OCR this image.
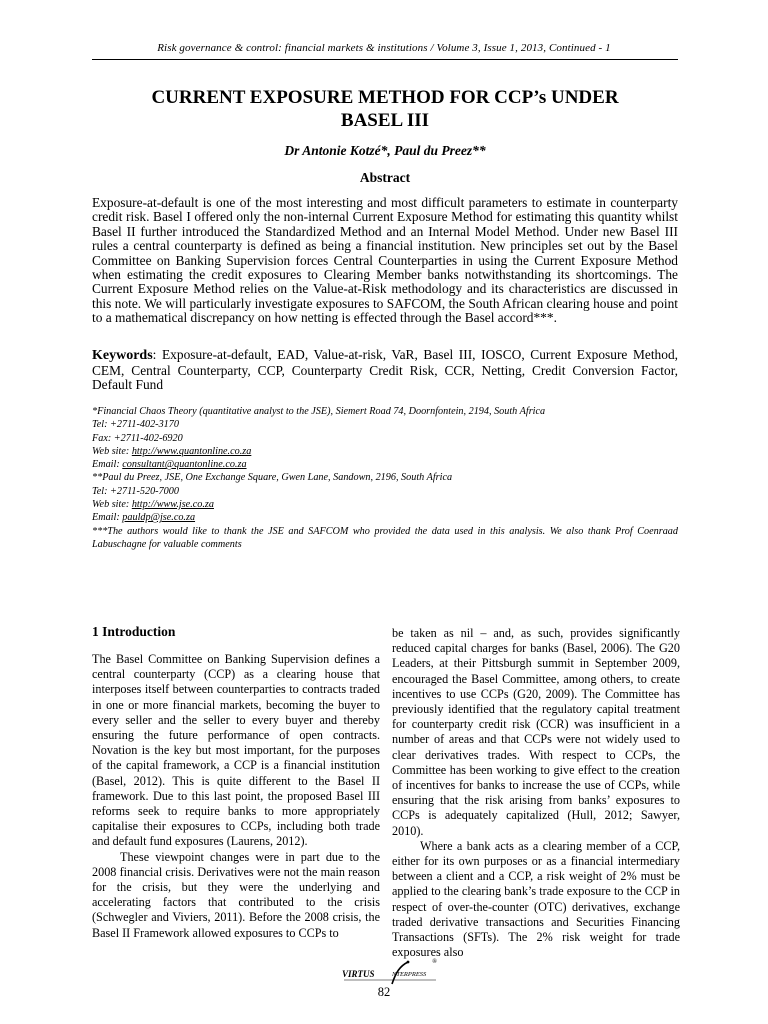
Risk governance & control: financial markets & institutions / Volume 3, Issue 1, 2013, Continued - 1
CURRENT EXPOSURE METHOD FOR CCP’s UNDER
BASEL III
Dr Antonie Kotzé*, Paul du Preez**
Abstract
Exposure-at-default is one of the most interesting and most difficult parameters to estimate in counterparty credit risk. Basel I offered only the non-internal Current Exposure Method for estimating this quantity whilst Basel II further introduced the Standardized Method and an Internal Model Method. Under new Basel III rules a central counterparty is defined as being a financial institution. New principles set out by the Basel Committee on Banking Supervision forces Central Counterparties in using the Current Exposure Method when estimating the credit exposures to Clearing Member banks notwithstanding its shortcomings. The Current Exposure Method relies on the Value-at-Risk methodology and its characteristics are discussed in this note. We will particularly investigate exposures to SAFCOM, the South African clearing house and point to a mathematical discrepancy on how netting is effected through the Basel accord***.
Keywords: Exposure-at-default, EAD, Value-at-risk, VaR, Basel III, IOSCO, Current Exposure Method, CEM, Central Counterparty, CCP, Counterparty Credit Risk, CCR, Netting, Credit Conversion Factor, Default Fund
*Financial Chaos Theory (quantitative analyst to the JSE), Siemert Road 74, Doornfontein, 2194, South Africa
Tel: +2711-402-3170
Fax: +2711-402-6920
Web site: http://www.quantonline.co.za
Email: consultant@quantonline.co.za
**Paul du Preez, JSE, One Exchange Square, Gwen Lane, Sandown, 2196, South Africa
Tel: +2711-520-7000
Web site: http://www.jse.co.za
Email: pauldp@jse.co.za
***The authors would like to thank the JSE and SAFCOM who provided the data used in this analysis. We also thank Prof Coenraad Labuschagne for valuable comments
1 Introduction

The Basel Committee on Banking Supervision defines a central counterparty (CCP) as a clearing house that interposes itself between counterparties to contracts traded in one or more financial markets, becoming the buyer to every seller and the seller to every buyer and thereby ensuring the future performance of open contracts. Novation is the key but most important, for the purposes of the capital framework, a CCP is a financial institution (Basel, 2012). This is quite different to the Basel II framework. Due to this last point, the proposed Basel III reforms seek to require banks to more appropriately capitalise their exposures to CCPs, including both trade and default fund exposures (Laurens, 2012).

These viewpoint changes were in part due to the 2008 financial crisis. Derivatives were not the main reason for the crisis, but they were the underlying and accelerating factors that contributed to the crisis (Schwegler and Viviers, 2011). Before the 2008 crisis, the Basel II Framework allowed exposures to CCPs to

be taken as nil – and, as such, provides significantly reduced capital charges for banks (Basel, 2006). The G20 Leaders, at their Pittsburgh summit in September 2009, encouraged the Basel Committee, among others, to create incentives to use CCPs (G20, 2009). The Committee has previously identified that the regulatory capital treatment for counterparty credit risk (CCR) was insufficient in a number of areas and that CCPs were not widely used to clear derivatives trades. With respect to CCPs, the Committee has been working to give effect to the creation of incentives for banks to increase the use of CCPs, while ensuring that the risk arising from banks’ exposures to CCPs is adequately capitalized (Hull, 2012; Sawyer, 2010).

Where a bank acts as a clearing member of a CCP, either for its own purposes or as a financial intermediary between a client and a CCP, a risk weight of 2% must be applied to the clearing bank’s trade exposure to the CCP in respect of over-the-counter (OTC) derivatives, exchange traded derivative transactions and Securities Financing Transactions (SFTs). The 2% risk weight for trade exposures also

VIRTUS	NTERPRESS
®
82
